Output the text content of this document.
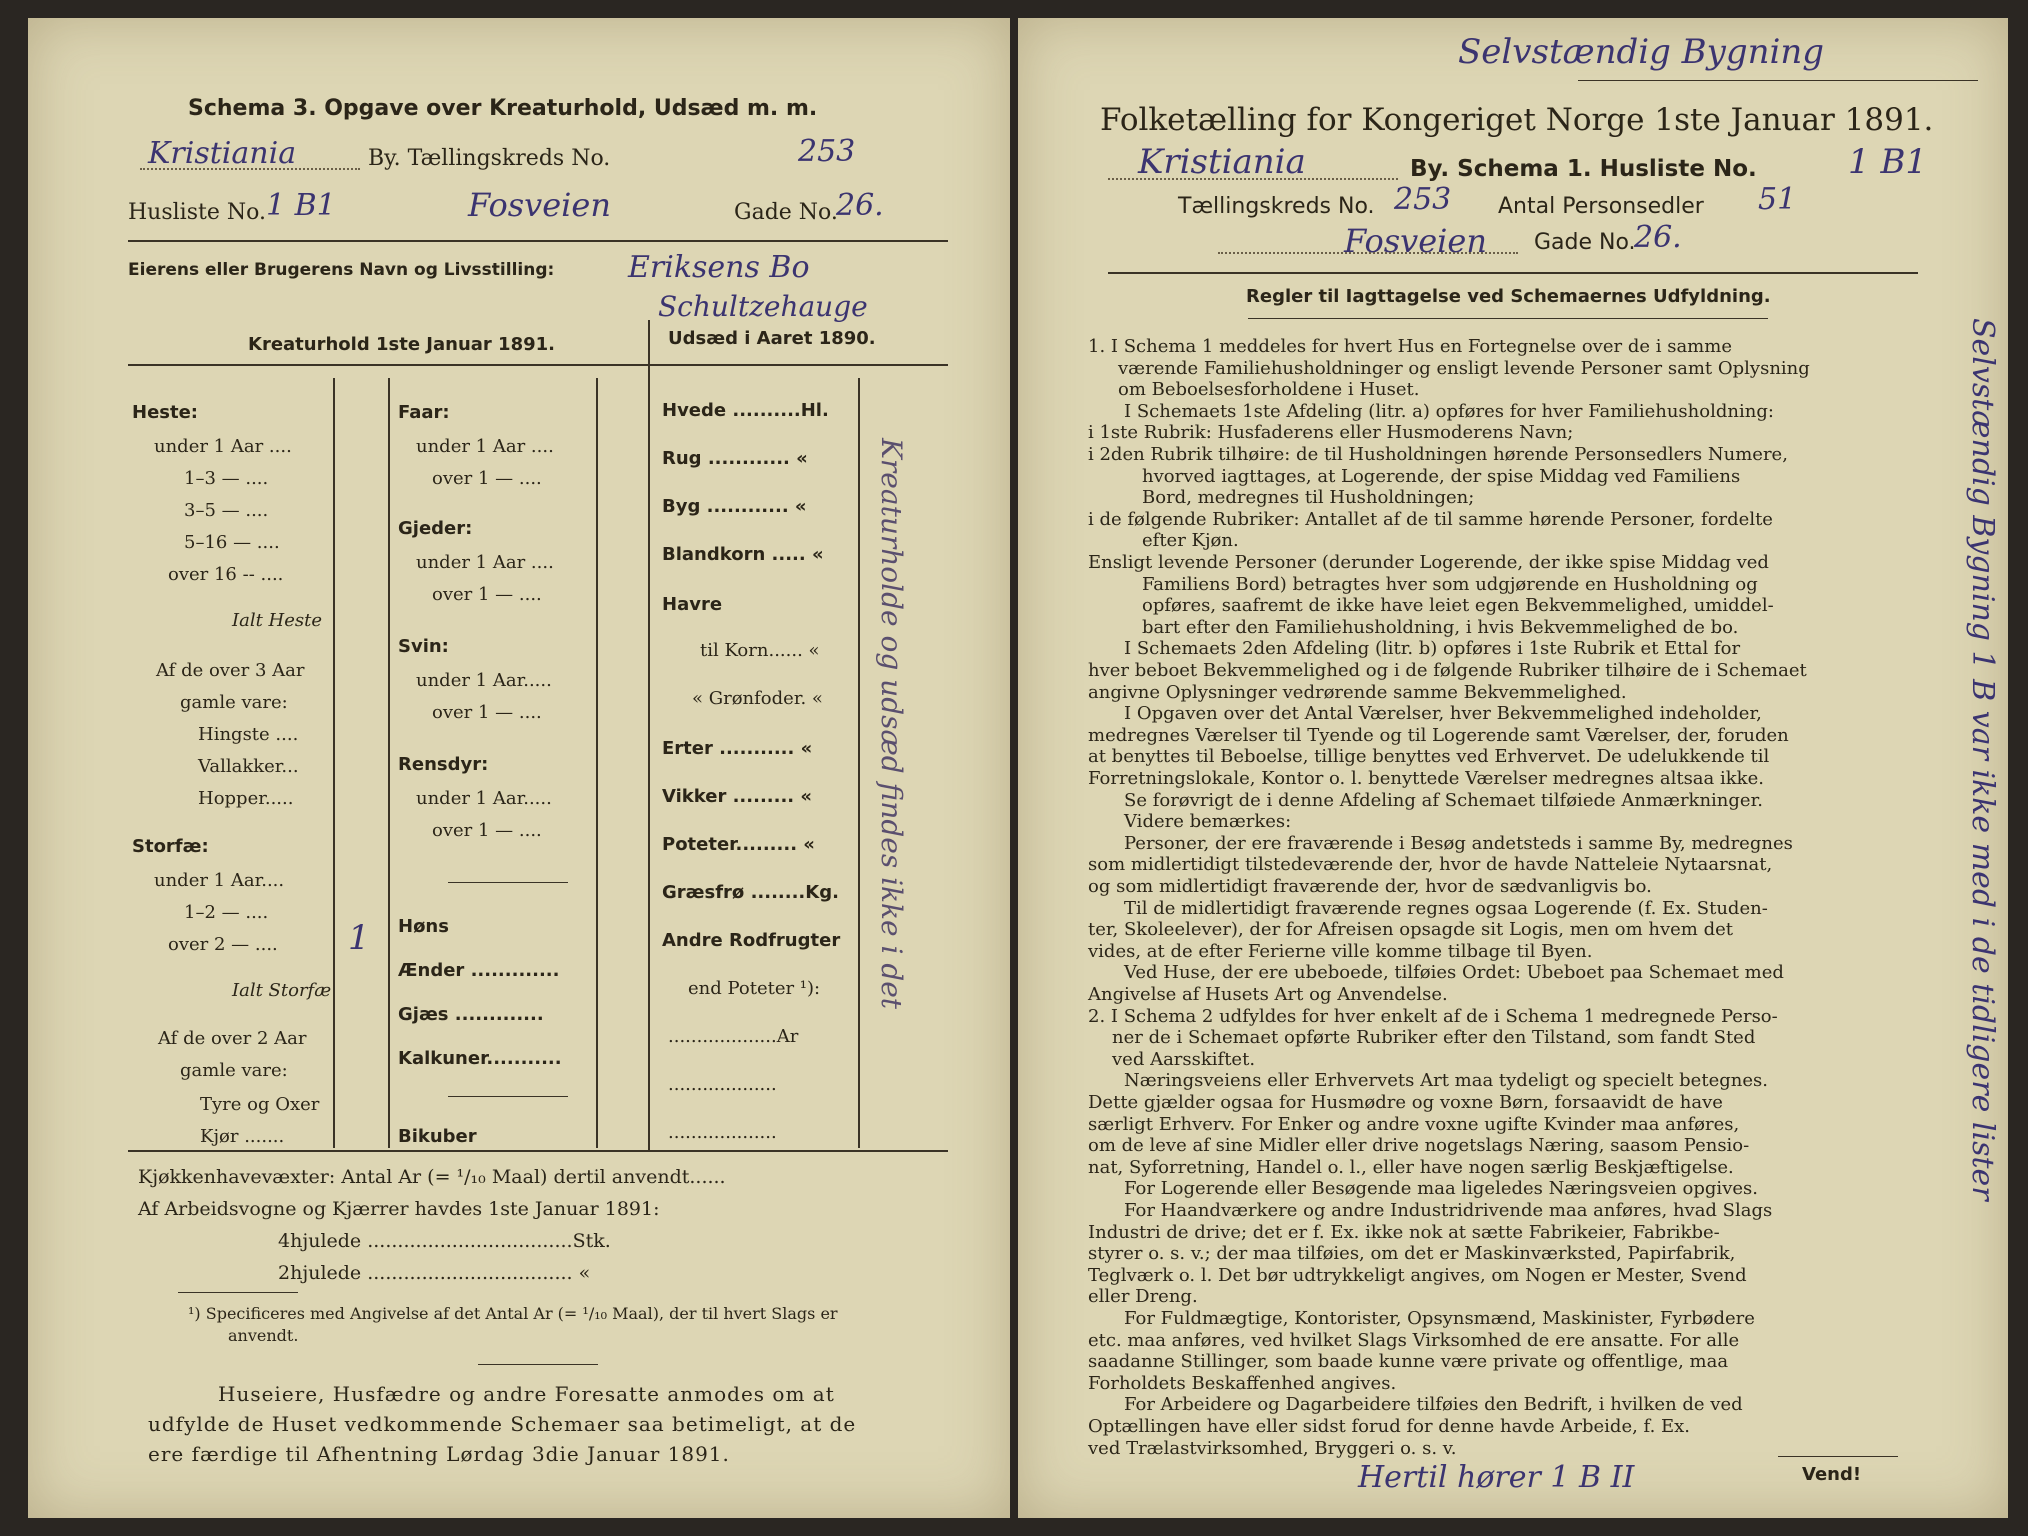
Schema 3. Opgave over Kreaturhold, Udsæd m. m.
Kristiania	By. Tællingskreds No.	253
Husliste No. 1 B1	Fosveien	Gade No.
26.
Eierens eller Brugerens Navn og Livsstilling: Eriksens Bo
Schultzehauge
Kreaturhold 1ste Januar 1891.	Udsæd i Aaret 1890.
Heste:
under 1 Aar ....
1–3 — ....
3–5 — ....
5–16 — ....
over 16 -- ....
Ialt Heste
Af de over 3 Aar
gamle vare:
Hingste ....
Vallakker...
Hopper.....
Storfæ:
under 1 Aar....
1–2 — ....
over 2 — .... 1
Ialt Storfæ
Af de over 2 Aar
gamle vare:
Tyre og Oxer
Kjør .......
Faar:
under 1 Aar ....
over 1 — ....
Gjeder:
under 1 Aar ....
over 1 — ....
Svin:
under 1 Aar.....
over 1 — ....
Rensdyr:
under 1 Aar.....
over 1 — ....
Høns
Ænder .............
Gjæs .............
Kalkuner...........
Bikuber
Hvede ..........Hl.
Rug ............ «
Byg ............ «
Blandkorn ..... «
Havre
til Korn...... «
« Grønfoder. «
Erter ........... «
Vikker ......... «
Poteter......... «
Græsfrø ........Kg.
Andre Rodfrugter
end Poteter ¹):
...................Ar
...................
...................
Kreaturholde og udsæd findes ikke i det
Kjøkkenhavevæxter: Antal Ar (= ¹/₁₀ Maal) dertil anvendt......
Af Arbeidsvogne og Kjærrer havdes 1ste Januar 1891:
4hjulede ..................................Stk.
2hjulede .................................. «
¹) Specificeres med Angivelse af det Antal Ar (= ¹/₁₀ Maal), der til hvert Slags er
anvendt.
Huseiere, Husfædre og andre Foresatte anmodes om at
udfylde de Huset vedkommende Schemaer saa betimeligt, at de
ere færdige til Afhentning Lørdag 3die Januar 1891.
Selvstændig Bygning
Folketælling for Kongeriget Norge 1ste Januar 1891.
Kristiania	By. Schema 1. Husliste No.	1 B1
Tællingskreds No. 253 Antal Personsedler 51
Fosveien Gade No.
26.
Regler til Iagttagelse ved Schemaernes Udfyldning.
1. I Schema 1 meddeles for hvert Hus en Fortegnelse over de i samme
værende Familiehusholdninger og ensligt levende Personer samt Oplysning
om Beboelsesforholdene i Huset.
I Schemaets 1ste Afdeling (litr. a) opføres for hver Familiehusholdning:
i 1ste Rubrik: Husfaderens eller Husmoderens Navn;
i 2den Rubrik tilhøire: de til Husholdningen hørende Personsedlers Numere,
hvorved iagttages, at Logerende, der spise Middag ved Familiens
Bord, medregnes til Husholdningen;
i de følgende Rubriker: Antallet af de til samme hørende Personer, fordelte
efter Kjøn.
Ensligt levende Personer (derunder Logerende, der ikke spise Middag ved
Familiens Bord) betragtes hver som udgjørende en Husholdning og
opføres, saafremt de ikke have leiet egen Bekvemmelighed, umiddel-
bart efter den Familiehusholdning, i hvis Bekvemmelighed de bo.
I Schemaets 2den Afdeling (litr. b) opføres i 1ste Rubrik et Ettal for
hver beboet Bekvemmelighed og i de følgende Rubriker tilhøire de i Schemaet
angivne Oplysninger vedrørende samme Bekvemmelighed.
I Opgaven over det Antal Værelser, hver Bekvemmelighed indeholder,
medregnes Værelser til Tyende og til Logerende samt Værelser, der, foruden
at benyttes til Beboelse, tillige benyttes ved Erhvervet. De udelukkende til
Forretningslokale, Kontor o. l. benyttede Værelser medregnes altsaa ikke.
Se forøvrigt de i denne Afdeling af Schemaet tilføiede Anmærkninger.
Videre bemærkes:
Personer, der ere fraværende i Besøg andetsteds i samme By, medregnes
som midlertidigt tilstedeværende der, hvor de havde Natteleie Nytaarsnat,
og som midlertidigt fraværende der, hvor de sædvanligvis bo.
Til de midlertidigt fraværende regnes ogsaa Logerende (f. Ex. Studen-
ter, Skoleelever), der for Afreisen opsagde sit Logis, men om hvem det
vides, at de efter Ferierne ville komme tilbage til Byen.
Ved Huse, der ere ubeboede, tilføies Ordet: Ubeboet paa Schemaet med
Angivelse af Husets Art og Anvendelse.
2. I Schema 2 udfyldes for hver enkelt af de i Schema 1 medregnede Perso-
ner de i Schemaet opførte Rubriker efter den Tilstand, som fandt Sted
ved Aarsskiftet.
Næringsveiens eller Erhvervets Art maa tydeligt og specielt betegnes.
Dette gjælder ogsaa for Husmødre og voxne Børn, forsaavidt de have
særligt Erhverv. For Enker og andre voxne ugifte Kvinder maa anføres,
om de leve af sine Midler eller drive nogetslags Næring, saasom Pensio-
nat, Syforretning, Handel o. l., eller have nogen særlig Beskjæftigelse.
For Logerende eller Besøgende maa ligeledes Næringsveien opgives.
For Haandværkere og andre Industridrivende maa anføres, hvad Slags
Industri de drive; det er f. Ex. ikke nok at sætte Fabrikeier, Fabrikbe-
styrer o. s. v.; der maa tilføies, om det er Maskinværksted, Papirfabrik,
Teglværk o. l. Det bør udtrykkeligt angives, om Nogen er Mester, Svend
eller Dreng.
For Fuldmægtige, Kontorister, Opsynsmænd, Maskinister, Fyrbødere
etc. maa anføres, ved hvilket Slags Virksomhed de ere ansatte. For alle
saadanne Stillinger, som baade kunne være private og offentlige, maa
Forholdets Beskaffenhed angives.
For Arbeidere og Dagarbeidere tilføies den Bedrift, i hvilken de ved
Optællingen have eller sidst forud for denne havde Arbeide, f. Ex.
ved Trælastvirksomhed, Bryggeri o. s. v.
Vend!
Hertil hører 1 B II
Selvstændig Bygning 1 B var ikke med i de tidligere lister
